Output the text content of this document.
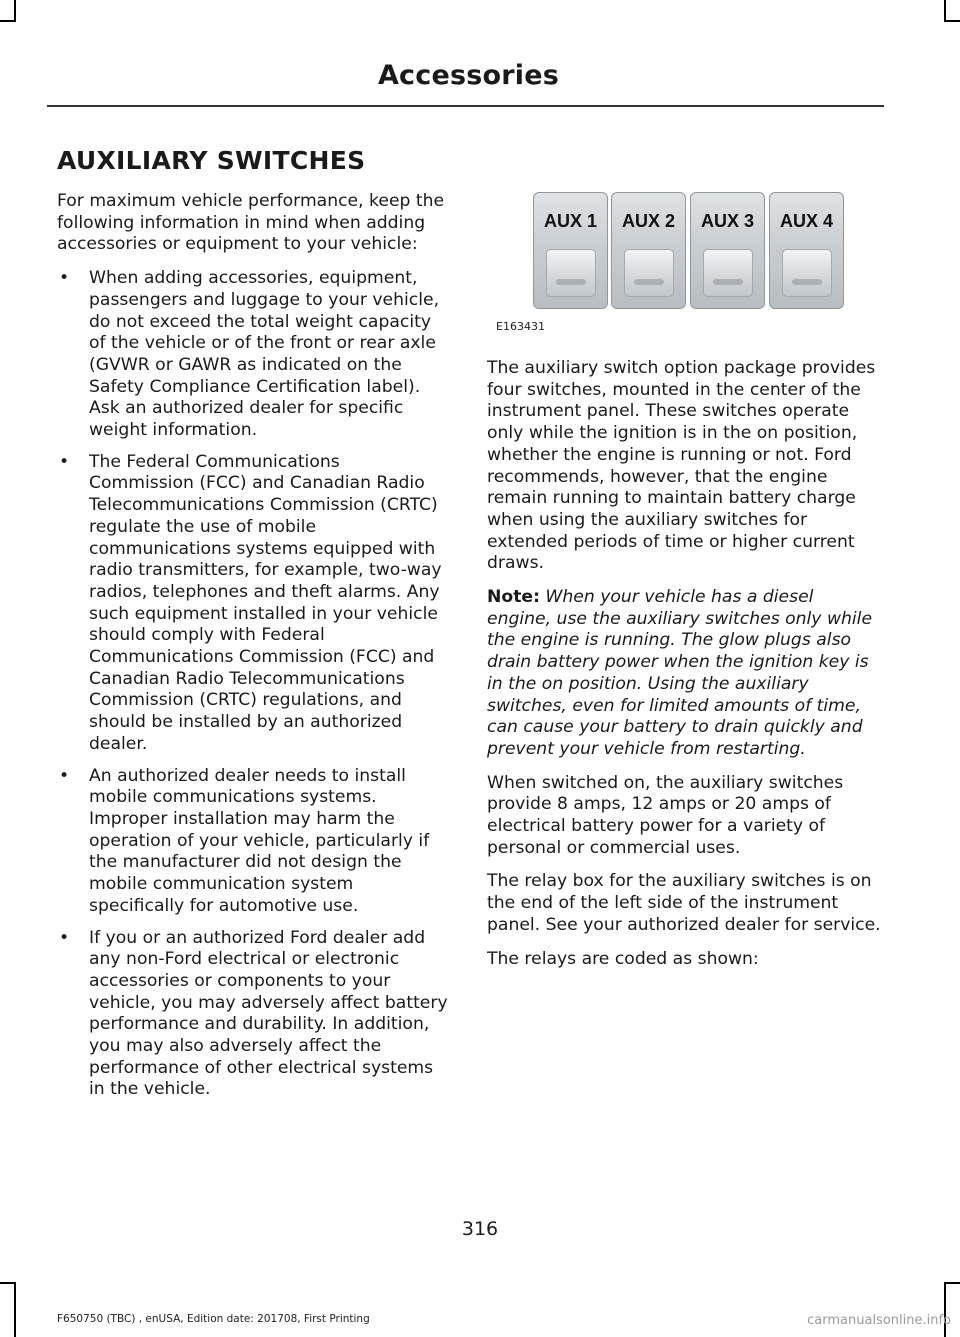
Accessories
AUXILIARY SWITCHES

For maximum vehicle performance, keep the following information in mind when adding accessories or equipment to your vehicle:

• When adding accessories, equipment, passengers and luggage to your vehicle, do not exceed the total weight capacity of the vehicle or of the front or rear axle (GVWR or GAWR as indicated on the Safety Compliance Certification label). Ask an authorized dealer for specific weight information.
• The Federal Communications Commission (FCC) and Canadian Radio Telecommunications Commission (CRTC) regulate the use of mobile communications systems equipped with radio transmitters, for example, two-way radios, telephones and theft alarms. Any such equipment installed in your vehicle should comply with Federal Communications Commission (FCC) and Canadian Radio Telecommunications Commission (CRTC) regulations, and should be installed by an authorized dealer.
• An authorized dealer needs to install mobile communications systems. Improper installation may harm the operation of your vehicle, particularly if the manufacturer did not design the mobile communication system specifically for automotive use.
• If you or an authorized Ford dealer add any non-Ford electrical or electronic accessories or components to your vehicle, you may adversely affect battery performance and durability. In addition, you may also adversely affect the performance of other electrical systems in the vehicle.
AUX 1	AUX 2	AUX 3	AUX 4
E163431

The auxiliary switch option package provides four switches, mounted in the center of the instrument panel. These switches operate only while the ignition is in the on position, whether the engine is running or not. Ford recommends, however, that the engine remain running to maintain battery charge when using the auxiliary switches for extended periods of time or higher current draws.

Note: When your vehicle has a diesel engine, use the auxiliary switches only while the engine is running. The glow plugs also drain battery power when the ignition key is in the on position. Using the auxiliary switches, even for limited amounts of time, can cause your battery to drain quickly and prevent your vehicle from restarting.

When switched on, the auxiliary switches provide 8 amps, 12 amps or 20 amps of electrical battery power for a variety of personal or commercial uses.

The relay box for the auxiliary switches is on the end of the left side of the instrument panel. See your authorized dealer for service.

The relays are coded as shown:

316
F650750 (TBC) , enUSA, Edition date: 201708, First Printing	carmanualsonline.info
